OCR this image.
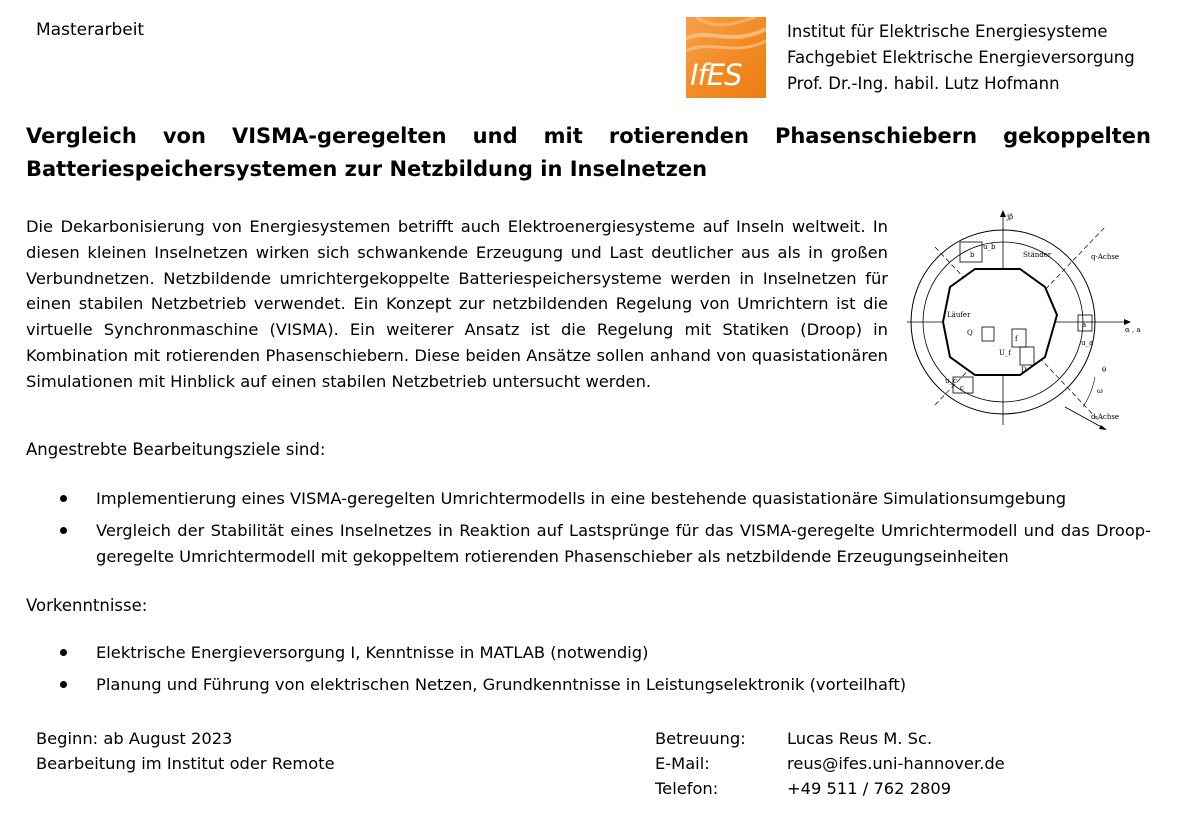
Masterarbeit
IfES
Institut für Elektrische Energiesysteme
Fachgebiet Elektrische Energieversorgung
Prof. Dr.-Ing. habil. Lutz Hofmann
Vergleich von VISMA-geregelten und mit rotierenden Phasenschiebern gekoppelten
Batteriespeichersystemen zur Netzbildung in Inselnetzen
Die Dekarbonisierung von Energiesystemen betrifft auch Elektroenergiesysteme auf Inseln weltweit. In diesen kleinen Inselnetzen wirken sich schwankende Erzeugung und Last deutlicher aus als in großen Verbundnetzen. Netzbildende umrichtergekoppelte Batteriespeichersysteme werden in Inselnetzen für einen stabilen Netzbetrieb verwendet. Ein Konzept zur netzbildenden Regelung von Umrichtern ist die virtuelle Synchronmaschine (VISMA). Ein weiterer Ansatz ist die Regelung mit Statiken (Droop) in Kombination mit rotierenden Phasenschiebern. Diese beiden Ansätze sollen anhand von quasistationären Simulationen mit Hinblick auf einen stabilen Netzbetrieb untersucht werden.
jβ
Ständer	q-Achse
Läufer
α , a
d-Achse
ω
θ
b
c
a
Q
D
f
u_b
u_c
u_a
U_f
Angestrebte Bearbeitungsziele sind:
Implementierung eines VISMA-geregelten Umrichtermodells in eine bestehende quasistationäre Simulationsumgebung
Vergleich der Stabilität eines Inselnetzes in Reaktion auf Lastsprünge für das VISMA-geregelte Umrichtermodell und das Droop-geregelte Umrichtermodell mit gekoppeltem rotierenden Phasenschieber als netzbildende Erzeugungseinheiten
Vorkenntnisse:
Elektrische Energieversorgung I, Kenntnisse in MATLAB (notwendig)
Planung und Führung von elektrischen Netzen, Grundkenntnisse in Leistungselektronik (vorteilhaft)
Beginn: ab August 2023
Bearbeitung im Institut oder Remote
Betreuung:	Lucas Reus M. Sc.
E-Mail:	reus@ifes.uni-hannover.de
Telefon:	+49 511 / 762 2809
